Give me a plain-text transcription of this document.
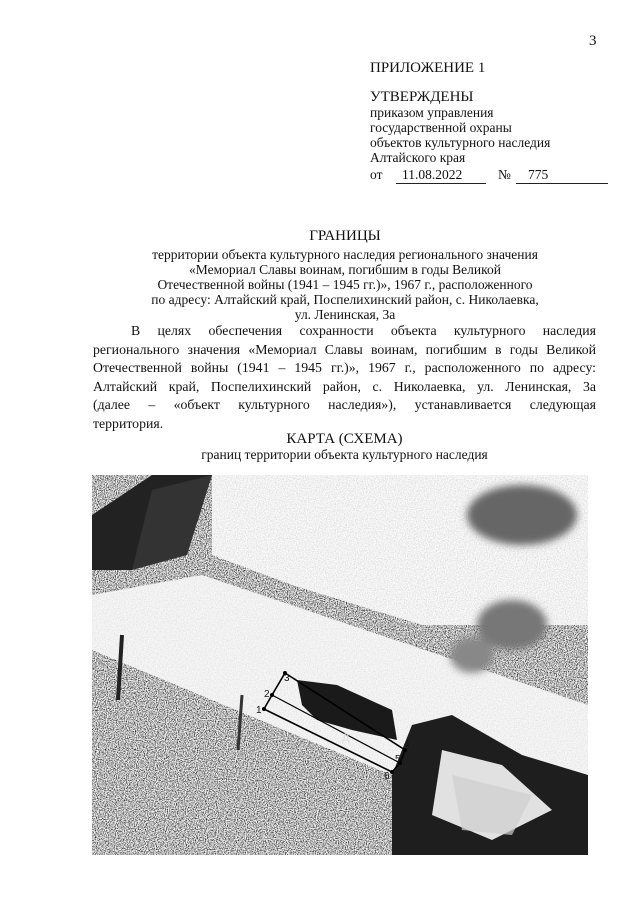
3
ПРИЛОЖЕНИЕ 1
УТВЕРЖДЕНЫ
приказом управления
государственной охраны
объектов культурного наследия
Алтайского края
от	11.08.2022	№	775
ГРАНИЦЫ
территории объекта культурного наследия регионального значения
«Мемориал Славы воинам, погибшим в годы Великой
Отечественной войны (1941 – 1945 гг.)», 1967 г., расположенного
по адресу: Алтайский край, Поспелихинский район, с. Николаевка,
ул. Ленинская, 3а
В целях обеспечения сохранности объекта культурного наследия
регионального значения «Мемориал Славы воинам, погибшим в годы Великой
Отечественной войны (1941 – 1945 гг.)», 1967 г., расположенного по адресу:
Алтайский край, Поспелихинский район, с. Николаевка, ул. Ленинская, 3а
(далее – «объект культурного наследия»), устанавливается следующая
территория.
КАРТА (СХЕМА)
границ территории объекта культурного наследия
1
2
3
4
5
6
Д
